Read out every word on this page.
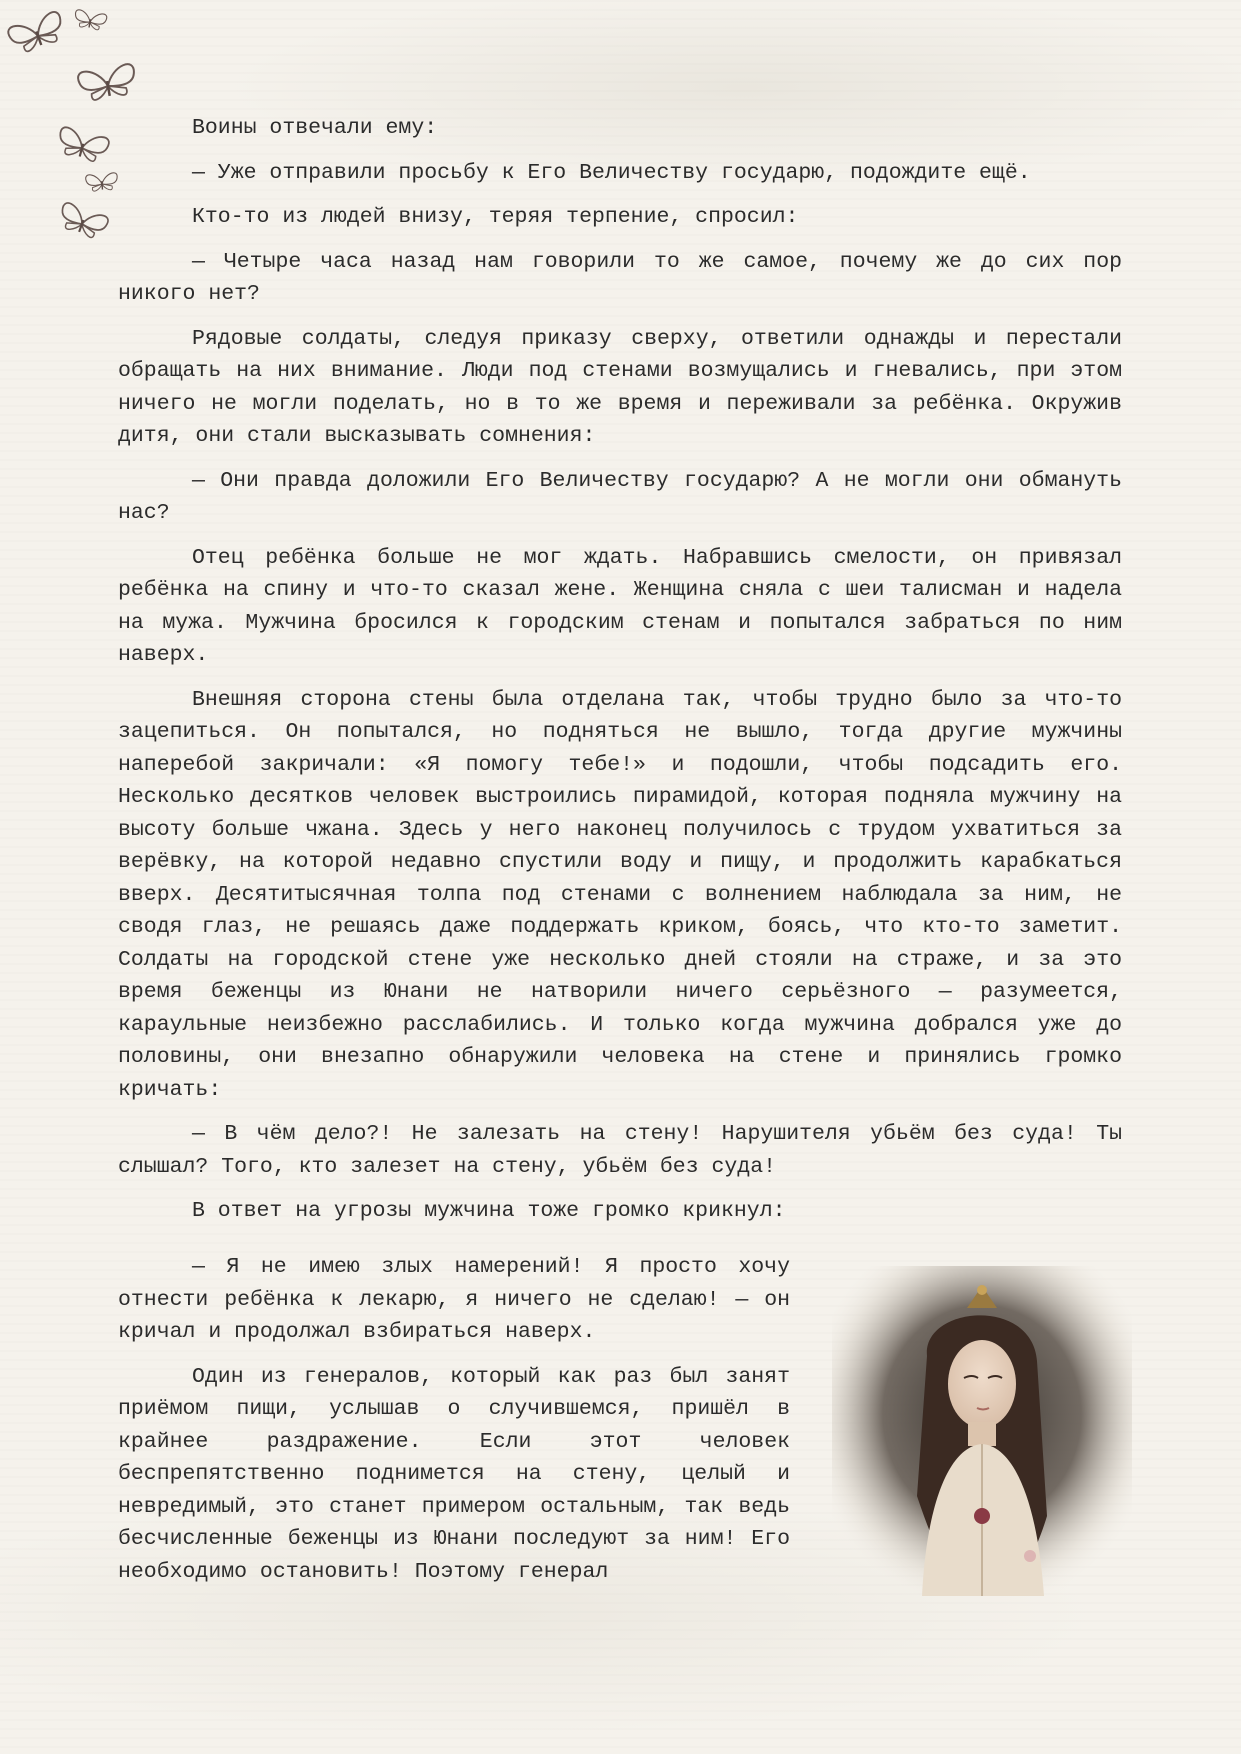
Воины отвечали ему:

— Уже отправили просьбу к Его Величеству государю, подождите ещё.

Кто-то из людей внизу, теряя терпение, спросил:

— Четыре часа назад нам говорили то же самое, почему же до сих пор никого нет?

Рядовые солдаты, следуя приказу сверху, ответили однажды и перестали обращать на них внимание. Люди под стенами возмущались и гневались, при этом ничего не могли поделать, но в то же время и переживали за ребёнка. Окружив дитя, они стали высказывать сомнения:

— Они правда доложили Его Величеству государю? А не могли они обмануть нас?

Отец ребёнка больше не мог ждать. Набравшись смелости, он привязал ребёнка на спину и что-то сказал жене. Женщина сняла с шеи талисман и надела на мужа. Мужчина бросился к городским стенам и попытался забраться по ним наверх.

Внешняя сторона стены была отделана так, чтобы трудно было за что-то зацепиться. Он попытался, но подняться не вышло, тогда другие мужчины наперебой закричали: «Я помогу тебе!» и подошли, чтобы подсадить его. Несколько десятков человек выстроились пирамидой, которая подняла мужчину на высоту больше чжана. Здесь у него наконец получилось с трудом ухватиться за верёвку, на которой недавно спустили воду и пищу, и продолжить карабкаться вверх. Десятитысячная толпа под стенами с волнением наблюдала за ним, не сводя глаз, не решаясь даже поддержать криком, боясь, что кто-то заметит. Солдаты на городской стене уже несколько дней стояли на страже, и за это время беженцы из Юнани не натворили ничего серьёзного — разумеется, караульные неизбежно расслабились. И только когда мужчина добрался уже до половины, они внезапно обнаружили человека на стене и принялись громко кричать:

— В чём дело?! Не залезать на стену! Нарушителя убьём без суда! Ты слышал? Того, кто залезет на стену, убьём без суда!

В ответ на угрозы мужчина тоже громко крикнул:

— Я не имею злых намерений! Я просто хочу отнести ребёнка к лекарю, я ничего не сделаю! — он кричал и продолжал взбираться наверх.

Один из генералов, который как раз был занят приёмом пищи, услышав о случившемся, пришёл в крайнее раздражение. Если этот человек беспрепятственно поднимется на стену, целый и невредимый, это станет примером остальным, так ведь бесчисленные беженцы из Юнани последуют за ним! Его необходимо остановить! Поэтому генерал
